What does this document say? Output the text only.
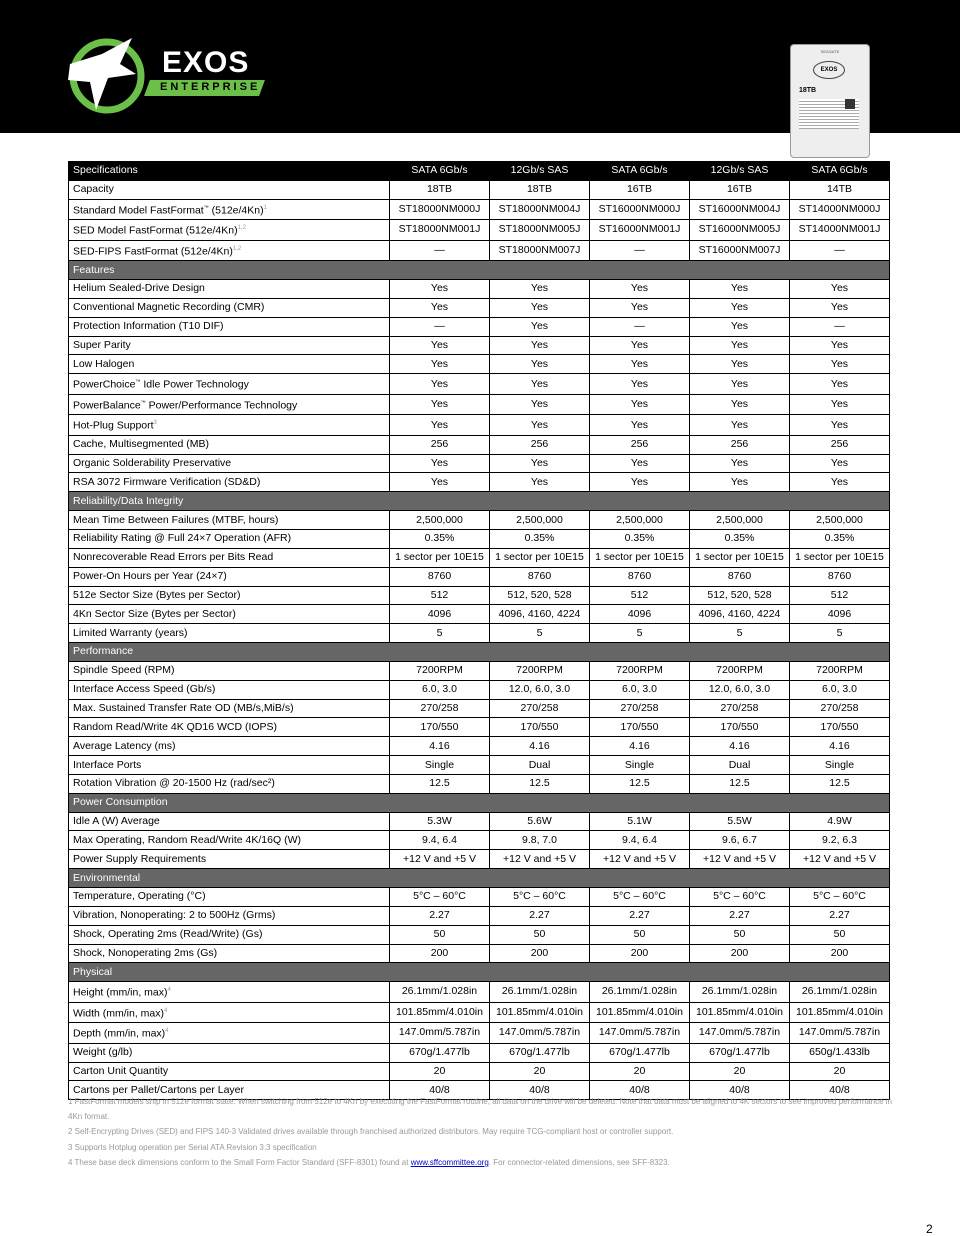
EXOS
ENTERPRISE
SEAGATE
EXOS
18TB
Specifications	SATA 6Gb/s	12Gb/s SAS	SATA 6Gb/s	12Gb/s SAS	SATA 6Gb/s
Capacity	18TB	18TB	16TB	16TB	14TB
Standard Model FastFormat™ (512e/4Kn)$^1$	ST18000NM000J	ST18000NM004J	ST16000NM000J	ST16000NM004J	ST14000NM000J
SED Model FastFormat (512e/4Kn)$^{1,2}$	ST18000NM001J	ST18000NM005J	ST16000NM001J	ST16000NM005J	ST14000NM001J
SED-FIPS FastFormat (512e/4Kn)$^{1,2}$	—	ST18000NM007J	—	ST16000NM007J	—
Features					
Helium Sealed-Drive Design	Yes	Yes	Yes	Yes	Yes
Conventional Magnetic Recording (CMR)	Yes	Yes	Yes	Yes	Yes
Protection Information (T10 DIF)	—	Yes	—	Yes	—
Super Parity	Yes	Yes	Yes	Yes	Yes
Low Halogen	Yes	Yes	Yes	Yes	Yes
PowerChoice™ Idle Power Technology	Yes	Yes	Yes	Yes	Yes
PowerBalance™ Power/Performance Technology	Yes	Yes	Yes	Yes	Yes
Hot-Plug Support$^3$	Yes	Yes	Yes	Yes	Yes
Cache, Multisegmented (MB)	256	256	256	256	256
Organic Solderability Preservative	Yes	Yes	Yes	Yes	Yes
RSA 3072 Firmware Verification (SD&D)	Yes	Yes	Yes	Yes	Yes
Reliability/Data Integrity					
Mean Time Between Failures (MTBF, hours)	2,500,000	2,500,000	2,500,000	2,500,000	2,500,000
Reliability Rating @ Full 24×7 Operation (AFR)	0.35%	0.35%	0.35%	0.35%	0.35%
Nonrecoverable Read Errors per Bits Read	1 sector per 10E15	1 sector per 10E15	1 sector per 10E15	1 sector per 10E15	1 sector per 10E15
Power-On Hours per Year (24×7)	8760	8760	8760	8760	8760
512e Sector Size (Bytes per Sector)	512	512, 520, 528	512	512, 520, 528	512
4Kn Sector Size (Bytes per Sector)	4096	4096, 4160, 4224	4096	4096, 4160, 4224	4096
Limited Warranty (years)	5	5	5	5	5
Performance					
Spindle Speed (RPM)	7200RPM	7200RPM	7200RPM	7200RPM	7200RPM
Interface Access Speed (Gb/s)	6.0, 3.0	12.0, 6.0, 3.0	6.0, 3.0	12.0, 6.0, 3.0	6.0, 3.0
Max. Sustained Transfer Rate OD (MB/s,MiB/s)	270/258	270/258	270/258	270/258	270/258
Random Read/Write 4K QD16 WCD (IOPS)	170/550	170/550	170/550	170/550	170/550
Average Latency (ms)	4.16	4.16	4.16	4.16	4.16
Interface Ports	Single	Dual	Single	Dual	Single
Rotation Vibration @ 20-1500 Hz (rad/sec²)	12.5	12.5	12.5	12.5	12.5
Power Consumption					
Idle A (W) Average	5.3W	5.6W	5.1W	5.5W	4.9W
Max Operating, Random Read/Write 4K/16Q (W)	9.4, 6.4	9.8, 7.0	9.4, 6.4	9.6, 6.7	9.2, 6.3
Power Supply Requirements	+12 V and +5 V	+12 V and +5 V	+12 V and +5 V	+12 V and +5 V	+12 V and +5 V
Environmental					
Temperature, Operating (°C)	5°C – 60°C	5°C – 60°C	5°C – 60°C	5°C – 60°C	5°C – 60°C
Vibration, Nonoperating: 2 to 500Hz (Grms)	2.27	2.27	2.27	2.27	2.27
Shock, Operating 2ms (Read/Write) (Gs)	50	50	50	50	50
Shock, Nonoperating 2ms (Gs)	200	200	200	200	200
Physical					
Height (mm/in, max)$^4$	26.1mm/1.028in	26.1mm/1.028in	26.1mm/1.028in	26.1mm/1.028in	26.1mm/1.028in
Width (mm/in, max)$^4$	101.85mm/4.010in	101.85mm/4.010in	101.85mm/4.010in	101.85mm/4.010in	101.85mm/4.010in
Depth (mm/in, max)$^4$	147.0mm/5.787in	147.0mm/5.787in	147.0mm/5.787in	147.0mm/5.787in	147.0mm/5.787in
Weight (g/lb)	670g/1.477lb	670g/1.477lb	670g/1.477lb	670g/1.477lb	650g/1.433lb
Carton Unit Quantity	20	20	20	20	20
Cartons per Pallet/Cartons per Layer	40/8	40/8	40/8	40/8	40/8
1 FastFormat models ship in 512e format state. When switching from 512e to 4Kn by executing the FastFormat routine, all data on the drive will be deleted. Note that data must be aligned to 4K sectors to see improved performance in 4Kn format.
2 Self-Encrypting Drives (SED) and FIPS 140-3 Validated drives available through franchised authorized distributors. May require TCG-compliant host or controller support.
3 Supports Hotplug operation per Serial ATA Revision 3.3 specification
4 These base deck dimensions conform to the Small Form Factor Standard (SFF-8301) found at www.sffcommittee.org. For connector-related dimensions, see SFF-8323.
2
